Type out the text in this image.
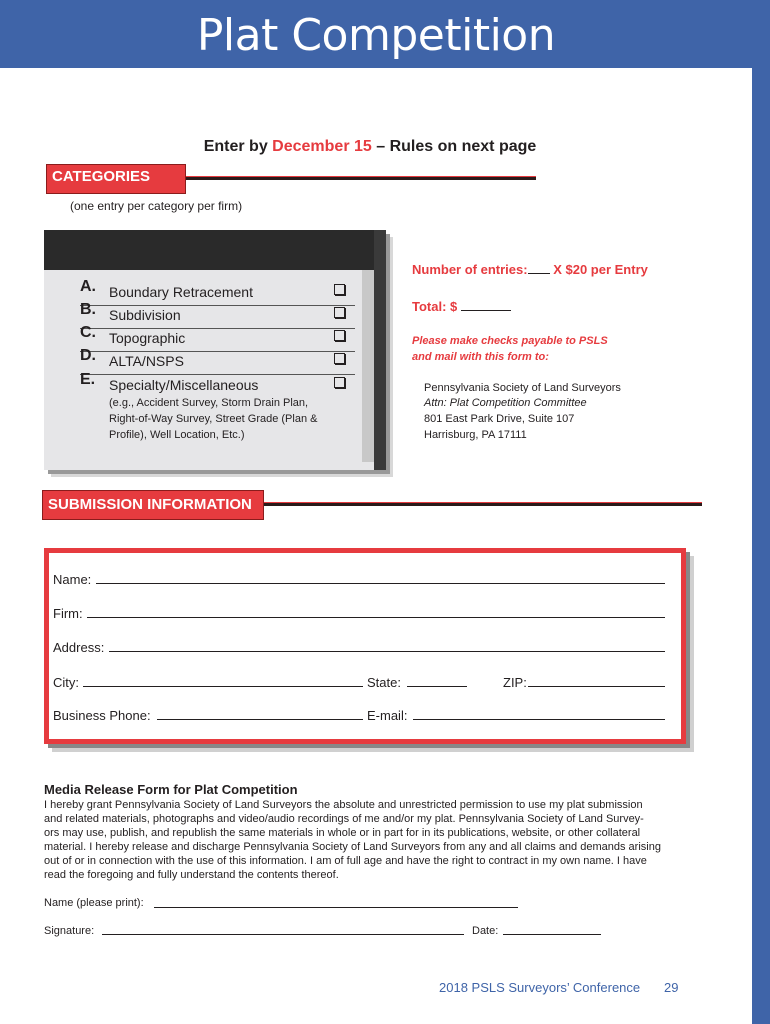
Plat Competition
Enter by December 15 – Rules on next page
CATEGORIES
(one entry per category per firm)
A. Boundary Retracement
B. Subdivision
C. Topographic
D. ALTA/NSPS
E. Specialty/Miscellaneous
(e.g., Accident Survey, Storm Drain Plan,
Right-of-Way Survey, Street Grade (Plan &
Profile), Well Location, Etc.)
Number of entries: X $20 per Entry
Total: $
Please make checks payable to PSLS
and mail with this form to:
Pennsylvania Society of Land Surveyors
Attn: Plat Competition Committee
801 East Park Drive, Suite 107
Harrisburg, PA 17111
SUBMISSION INFORMATION
Name:
Firm:
Address:
City:	State:	ZIP:
Business Phone:	E-mail:
Media Release Form for Plat Competition
I hereby grant Pennsylvania Society of Land Surveyors the absolute and unrestricted permission to use my plat submission
and related materials, photographs and video/audio recordings of me and/or my plat. Pennsylvania Society of Land Survey-
ors may use, publish, and republish the same materials in whole or in part for in its publications, website, or other collateral
material. I hereby release and discharge Pennsylvania Society of Land Surveyors from any and all claims and demands arising
out of or in connection with the use of this information. I am of full age and have the right to contract in my own name. I have
read the foregoing and fully understand the contents thereof.
Name (please print):
Signature:	Date:
2018 PSLS Surveyors’ Conference 29
